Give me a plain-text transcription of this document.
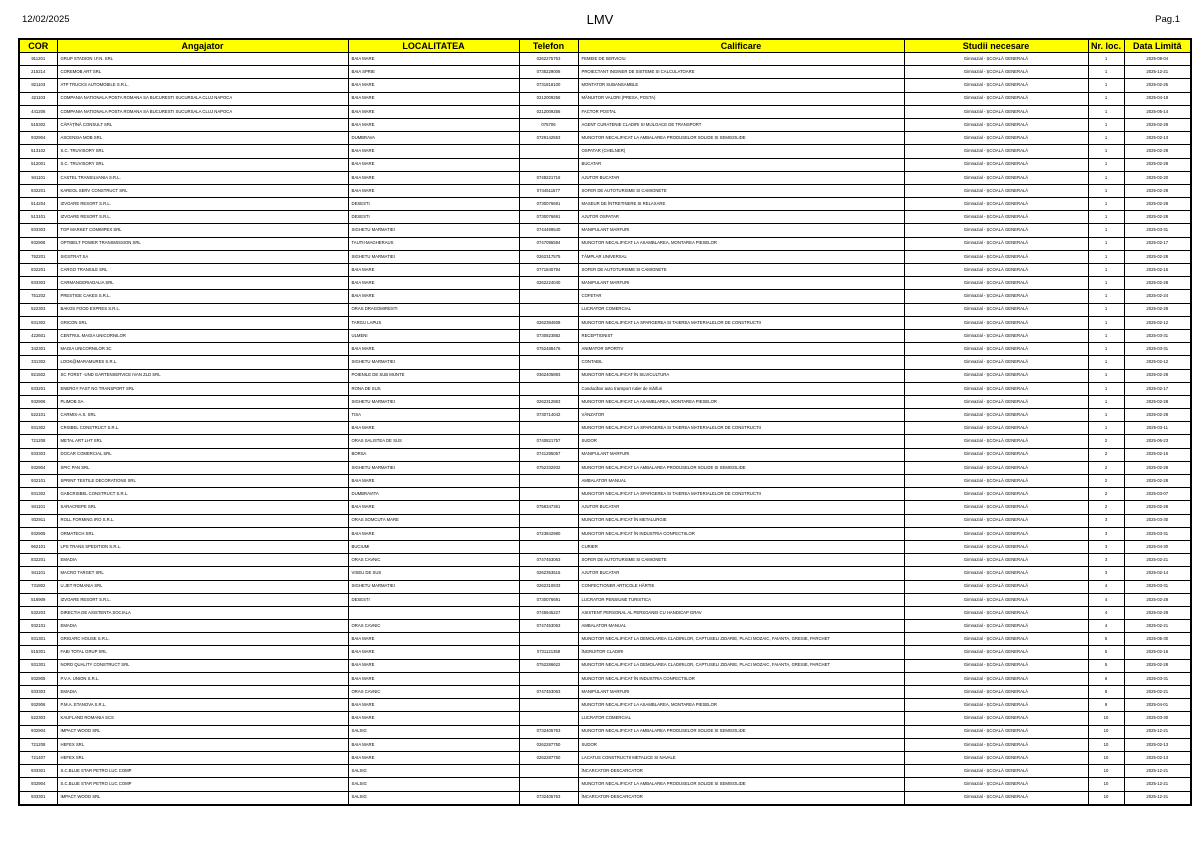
12/02/2025	LMV	Pag.1
COR	Angajator	LOCALITATEA	Telefon	Calificare	Studii necesare	Nr. loc.	Data Limită
911201	GRUP STADION I.F.N. SRL	BAIA MARE	0262275753	FEMEIE DE SERVICIU	Gimnazial - ȘCOALĂ GENERALĂ	1	2025-08-04
215214	COREMOB ART SRL	BAIA SPRIE	0735229006	PROIECTANT INGINER DE SISTEME SI CALCULATOARE	Gimnazial - ȘCOALĂ GENERALĂ	1	2025-12-21
821103	ATP TRUCKS AUTOMOBILE S.R.L.	BAIA MARE	0731818100	MONTATOR SUBANSAMBLE	Gimnazial - ȘCOALĂ GENERALĂ	1	2025-02-25
421103	COMPANIA NATIONALA POSTA ROMANA SA BUCURESTI SUCURSALA CLUJ NAPOCA	BAIA MARE	0212009256	MÂNUITOR VALORI (PRESA, POSTA)	Gimnazial - ȘCOALĂ GENERALĂ	1	2025-04-18
441206	COMPANIA NATIONALA POSTA ROMANA SA BUCURESTI SUCURSALA CLUJ NAPOCA	BAIA MARE	0212009256	FACTOR POSTAL	Gimnazial - ȘCOALĂ GENERALĂ	1	2025-05-14
515302	CĂPĂȚÎNĂ CONSULT SRL	BAIA MARE	075706	AGENT CURATENIE CLADIRI SI MIJLOACE DE TRANSPORT	Gimnazial - ȘCOALĂ GENERALĂ	1	2025-02-28
932904	ASCENSIA MOB SRL	DUMBRAVA	0729142553	MUNCITOR NECALIFICAT LA AMBALAREA PRODUSELOR SOLIDE SI SEMISOLIDE	Gimnazial - ȘCOALĂ GENERALĂ	1	2025-02-13
513102	S.C. TRUVISORY SRL	BAIA MARE		OSPATAR (CHELNER)	Gimnazial - ȘCOALĂ GENERALĂ	1	2025-02-28
512001	S.C. TRUVISORY SRL	BAIA MARE		BUCATAR	Gimnazial - ȘCOALĂ GENERALĂ	1	2025-02-28
941101	CASTEL TRANSILVANIA S.R.L.	BAIA MARE	0748221716	AJUTOR BUCATAR	Gimnazial - ȘCOALĂ GENERALĂ	1	2025-02-20
832201	KAREOL SERV CONSTRUCT SRL	BAIA MARE	0744511577	SOFER DE AUTOTURISME SI CAMIONETE	Gimnazial - ȘCOALĂ GENERALĂ	1	2025-02-28
514204	IZVOARE RESORT S.R.L.	DESESTI	0730076691	MASEUR DE ÎNTRETINERE SI RELAXARE	Gimnazial - ȘCOALĂ GENERALĂ	1	2025-02-28
513101	IZVOARE RESORT S.R.L.	DESESTI	0730076691	AJUTOR OSPATAR	Gimnazial - ȘCOALĂ GENERALĂ	1	2025-02-28
933303	TOP MARKET COMIMPEX SRL	SIGHETU MARMATIEI	0744499540	MANIPULANT MARFURI	Gimnazial - ȘCOALĂ GENERALĂ	1	2025-03-31
932906	OPTIBELT POWER TRANSMISSION SRL	TAUTII-MAGHERAUS	0747095594	MUNCITOR NECALIFICAT LA ASAMBLAREA, MONTAREA PIESELOR	Gimnazial - ȘCOALĂ GENERALĂ	1	2025-02-17
752201	SIGSTRAT SA	SIGHETU MARMATIEI	0262317575	TÂMPLAR UNIVERSAL	Gimnazial - ȘCOALĂ GENERALĂ	1	2025-02-28
832201	CARGO TRANSILE SRL	BAIA MARE	0771840794	SOFER DE AUTOTURISME SI CAMIONETE	Gimnazial - ȘCOALĂ GENERALĂ	1	2025-02-15
933303	CARMANGERIADALIA SRL	BAIA MARE	0262224040	MANIPULANT MARFURI	Gimnazial - ȘCOALĂ GENERALĂ	1	2025-02-28
751202	PRESTIGE CAKES S.R.L.	BAIA MARE		COFETAR	Gimnazial - ȘCOALĂ GENERALĂ	1	2025-02-24
522303	BAKOS FOOD EXPRES S.R.L.	ORAS DRAGOMIRESTI		LUCRATOR COMERCIAL	Gimnazial - ȘCOALĂ GENERALĂ	1	2025-02-28
931302	GRICON SRL	TARGU LAPUS	0262384508	MUNCITOR NECALIFICAT LA SPARGEREA SI TAIEREA MATERIALELOR DE CONSTRUCTII	Gimnazial - ȘCOALĂ GENERALĂ	1	2025-02-12
422601	CENTRUL MAGIA UNICORNILOR	ULMENI	0730823882	RECEPTIONIST	Gimnazial - ȘCOALĂ GENERALĂ	1	2025-03-31
342301	MAGIA UNICORNILOR 3C	BAIA MARE	0752488476	ANIMATOR SPORTIV	Gimnazial - ȘCOALĂ GENERALĂ	1	2025-03-31
331302	LOOK@MARAMURES S.R.L.	SIGHETU MARMATIEI		CONTABIL	Gimnazial - ȘCOALĂ GENERALĂ	1	2025-02-12
921502	SC FORST -UND GARTENSERVICE IVAN ZLD SRL	POIENILE DE SUB MUNTE	0362405893	MUNCITOR NECALIFICAT ÎN SILVICULTURA	Gimnazial - ȘCOALĂ GENERALĂ	1	2025-02-28
833201	ENERGY FAST NG TRANSPORT SRL	RONA DE SUS		Conducător auto transport rutier de mărfuri	Gimnazial - ȘCOALĂ GENERALĂ	1	2025-02-17
932906	PLIMOB SA	SIGHETU MARMATIEI	0262312863	MUNCITOR NECALIFICAT LA ASAMBLAREA, MONTAREA PIESELOR	Gimnazial - ȘCOALĂ GENERALĂ	1	2025-02-28
522101	CARMIS-A.S. SRL	TISA	0730714042	VÂNZATOR	Gimnazial - ȘCOALĂ GENERALĂ	1	2025-02-28
931302	CRISBEL CONSTRUCT S.R.L.	BAIA MARE		MUNCITOR NECALIFICAT LA SPARGEREA SI TAIEREA MATERIALELOR DE CONSTRUCTII	Gimnazial - ȘCOALĂ GENERALĂ	1	2025-03-11
721208	METAL ART LHT SRL	ORAS SALISTEA DE SUS	0740821757	SUDOR	Gimnazial - ȘCOALĂ GENERALĂ	2	2025-06-23
933303	DOCAR COMERCIAL SRL	BORSA	0741295057	MANIPULANT MARFURI	Gimnazial - ȘCOALĂ GENERALĂ	2	2025-02-15
932904	SPIC PAN SRL	SIGHETU MARMATIEI	0752332932	MUNCITOR NECALIFICAT LA AMBALAREA PRODUSELOR SOLIDE SI SEMISOLIDE	Gimnazial - ȘCOALĂ GENERALĂ	2	2025-02-28
932101	SPRINT TEXTILE DECORATIONS SRL	BAIA MARE		AMBALATOR MANUAL	Gimnazial - ȘCOALĂ GENERALĂ	2	2025-02-28
931302	GABCRISBEL CONSTRUCT S.R.L.	DUMBRAVITA		MUNCITOR NECALIFICAT LA SPARGEREA SI TAIEREA MATERIALELOR DE CONSTRUCTII	Gimnazial - ȘCOALĂ GENERALĂ	2	2025-03-07
941101	SARACREPE SRL	BAIA MARE	0758347361	AJUTOR BUCATAR	Gimnazial - ȘCOALĂ GENERALĂ	2	2025-02-28
932911	ROLL FORMING IRO S.R.L.	ORAS SOMCUTA MARE		MUNCITOR NECALIFICAT ÎN METALURGIE	Gimnazial - ȘCOALĂ GENERALĂ	3	2025-03-30
932905	ORMATECH SRL	BAIA MARE	0723842980	MUNCITOR NECALIFICAT ÎN INDUSTRIA CONFECTIILOR	Gimnazial - ȘCOALĂ GENERALĂ	3	2025-03-31
962101	LPS TRANS SPEDITION S.R.L.	BUCIUMI		CURIER	Gimnazial - ȘCOALĂ GENERALĂ	3	2025-04-30
832201	EMADIA	ORAS CAVNIC	0747453063	SOFER DE AUTOTURISME SI CAMIONETE	Gimnazial - ȘCOALĂ GENERALĂ	3	2025-02-21
941101	MACRO TARGET SRL	VISEU DE SUS	0262353515	AJUTOR BUCATAR	Gimnazial - ȘCOALĂ GENERALĂ	3	2025-02-14
731802	U.JET ROMANIA SRL	SIGHETU MARMATIEI	0262310833	CONFECTIONER ARTICOLE HÂRTIE	Gimnazial - ȘCOALĂ GENERALĂ	4	2025-03-31
516909	IZVOARE RESORT S.R.L.	DESESTI	0730076691	LUCRATOR PENSIUNE TURISTICA	Gimnazial - ȘCOALĂ GENERALĂ	4	2025-02-28
532203	DIRECTIA DE ASISTENTA SOCIALA		0745645227	ASISTENT PERSONAL AL PERSOANEI CU HANDICAP GRAV	Gimnazial - ȘCOALĂ GENERALĂ	4	2025-02-28
932101	EMADIA	ORAS CAVNIC	0747453063	AMBALATOR MANUAL	Gimnazial - ȘCOALĂ GENERALĂ	4	2025-02-21
931301	GRIGARC HOUSE S.R.L.	BAIA MARE		MUNCITOR NECALIFICAT LA DEMOLAREA CLADIRILOR, CAPTUSELI ZIDARIE, PLACI MOZAIC, FAIANTA, GRESIE, PARCHET	Gimnazial - ȘCOALĂ GENERALĂ	5	2025-05-30
515301	FABI TOTAL GRUP SRL	BAIA MARE	0731121358	ÎNGRIJITOR CLADIRI	Gimnazial - ȘCOALĂ GENERALĂ	5	2025-02-16
931301	NORD QUALITY CONSTRUCT SRL	BAIA MARE	0752286622	MUNCITOR NECALIFICAT LA DEMOLAREA CLADIRILOR, CAPTUSELI ZIDARIE, PLACI MOZAIC, FAIANTA, GRESIE, PARCHET	Gimnazial - ȘCOALĂ GENERALĂ	5	2025-02-28
932905	P.V.A. UNION S.R.L.	BAIA MARE		MUNCITOR NECALIFICAT ÎN INDUSTRIA CONFECTIILOR	Gimnazial - ȘCOALĂ GENERALĂ	6	2025-03-31
933303	EMADIA	ORAS CAVNIC	0747453063	MANIPULANT MARFURI	Gimnazial - ȘCOALĂ GENERALĂ	8	2025-02-21
932906	P.M.A. ETANOVA S.R.L.	BAIA MARE		MUNCITOR NECALIFICAT LA ASAMBLAREA, MONTAREA PIESELOR	Gimnazial - ȘCOALĂ GENERALĂ	9	2025-04-01
522303	KAUFLAND ROMANIA SCS	BAIA MARE		LUCRATOR COMERCIAL	Gimnazial - ȘCOALĂ GENERALĂ	10	2025-03-30
932904	IMPACT WOOD SRL	SALSIG	0732405763	MUNCITOR NECALIFICAT LA AMBALAREA PRODUSELOR SOLIDE SI SEMISOLIDE	Gimnazial - ȘCOALĂ GENERALĂ	10	2025-12-21
721208	HEFEX SRL	BAIA MARE	0262287750	SUDOR	Gimnazial - ȘCOALĂ GENERALĂ	10	2025-02-13
721407	HEFEX SRL	BAIA MARE	0262287750	LACATUS CONSTRUCTII METALICE SI NAVALE	Gimnazial - ȘCOALĂ GENERALĂ	10	2025-02-13
933301	S.C.BLUE STAR PETRO LUC COMP	SALSIG		ÎNCARCATOR-DESCARCATOR	Gimnazial - ȘCOALĂ GENERALĂ	10	2025-12-21
932904	S.C.BLUE STAR PETRO LUC COMP	SALSIG		MUNCITOR NECALIFICAT LA AMBALAREA PRODUSELOR SOLIDE SI SEMISOLIDE	Gimnazial - ȘCOALĂ GENERALĂ	10	2025-12-21
933301	IMPACT WOOD SRL	SALSIG	0732405763	ÎNCARCATOR-DESCARCATOR	Gimnazial - ȘCOALĂ GENERALĂ	10	2025-12-21
